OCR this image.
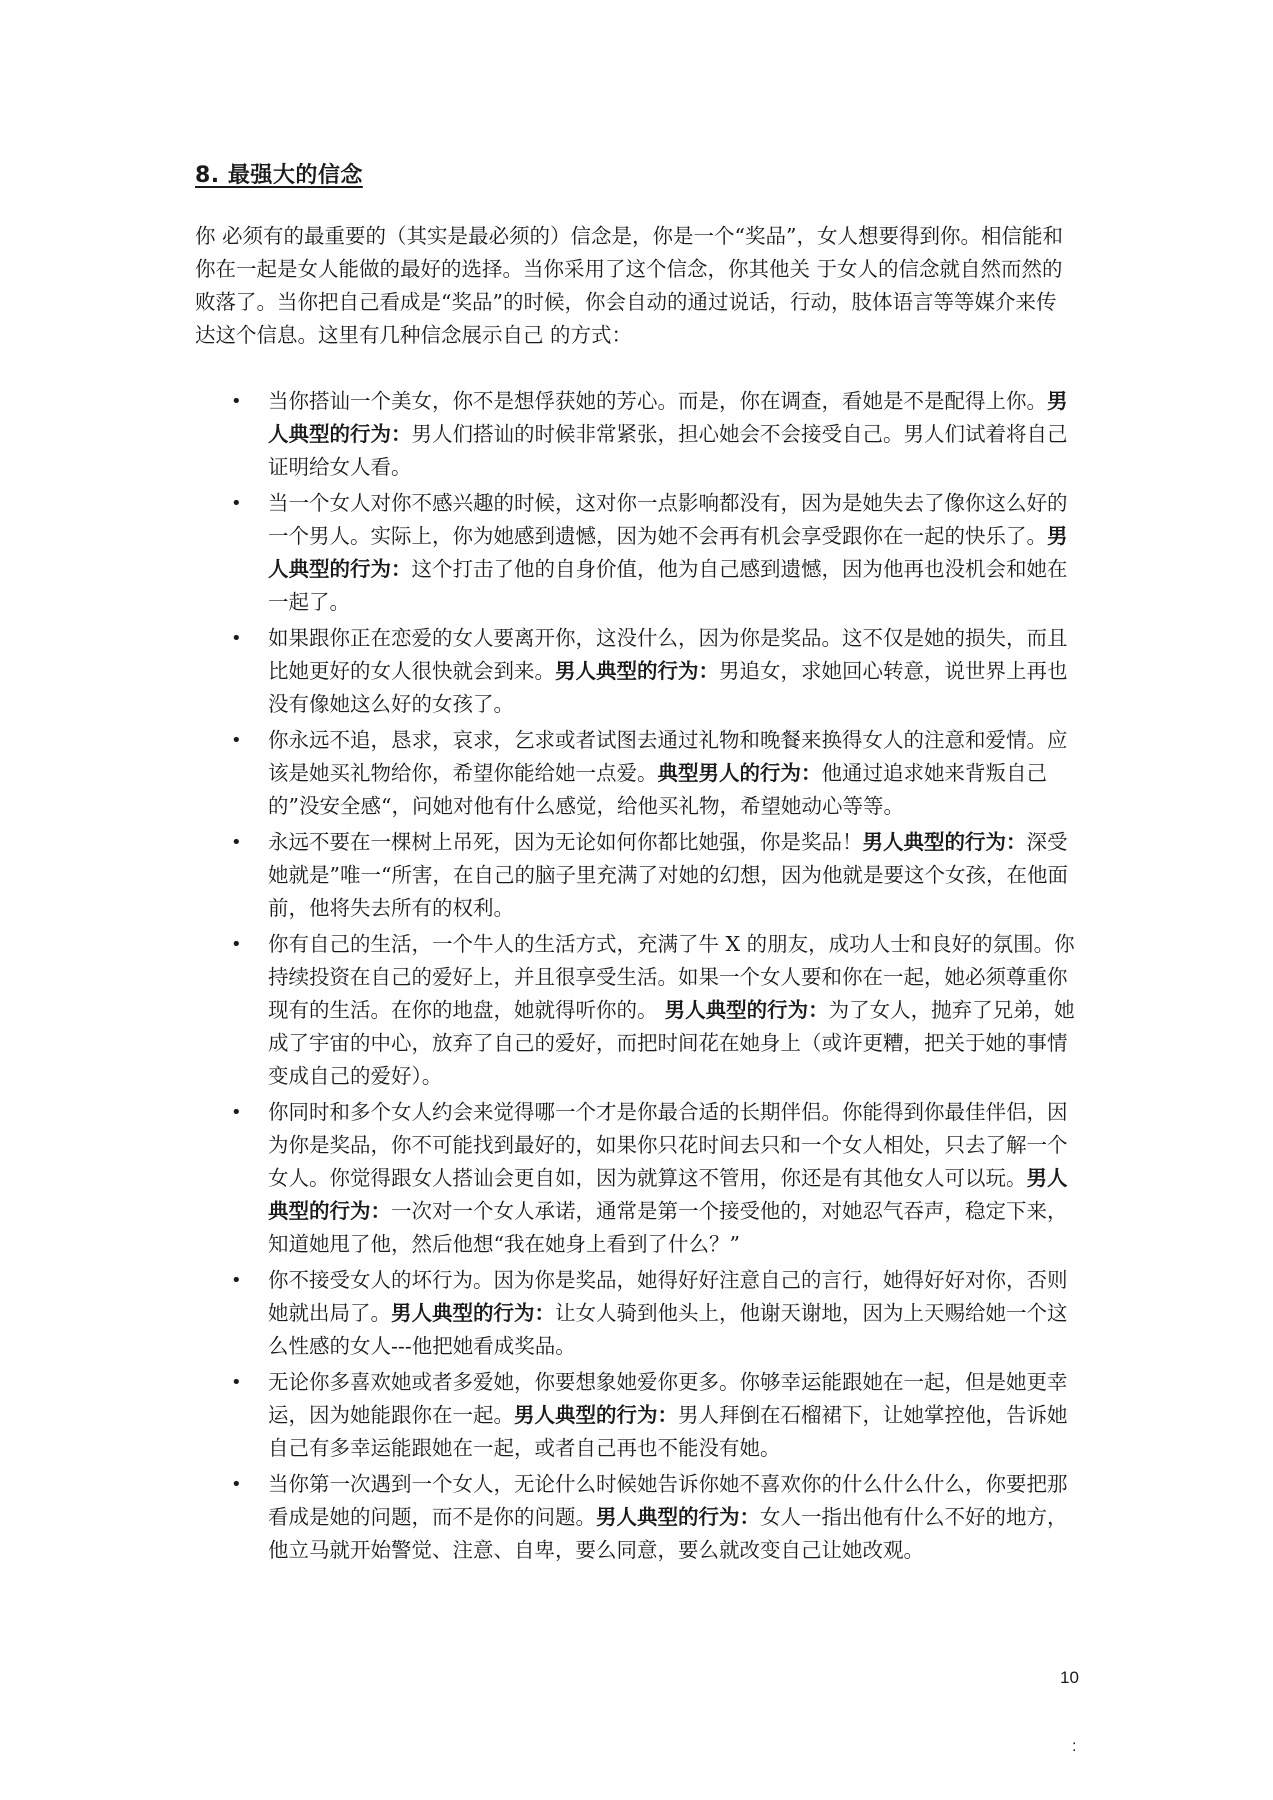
8. 最强大的信念

你 必须有的最重要的（其实是最必须的）信念是，你是一个“奖品”，女人想要得到你。相信能和你在一起是女人能做的最好的选择。当你采用了这个信念，你其他关 于女人的信念就自然而然的败落了。当你把自己看成是“奖品”的时候，你会自动的通过说话，行动，肢体语言等等媒介来传达这个信息。这里有几种信念展示自己 的方式：

• 当你搭讪一个美女，你不是想俘获她的芳心。而是，你在调查，看她是不是配得上你。男人典型的行为：男人们搭讪的时候非常紧张，担心她会不会接受自己。男人们试着将自己证明给女人看。
• 当一个女人对你不感兴趣的时候，这对你一点影响都没有，因为是她失去了像你这么好的一个男人。实际上，你为她感到遗憾，因为她不会再有机会享受跟你在一起的快乐了。男人典型的行为：这个打击了他的自身价值，他为自己感到遗憾，因为他再也没机会和她在一起了。
• 如果跟你正在恋爱的女人要离开你，这没什么，因为你是奖品。这不仅是她的损失，而且比她更好的女人很快就会到来。男人典型的行为：男追女，求她回心转意，说世界上再也没有像她这么好的女孩了。
• 你永远不追，恳求，哀求，乞求或者试图去通过礼物和晚餐来换得女人的注意和爱情。应该是她买礼物给你，希望你能给她一点爱。典型男人的行为：他通过追求她来背叛自己的”没安全感“，问她对他有什么感觉，给他买礼物，希望她动心等等。
• 永远不要在一棵树上吊死，因为无论如何你都比她强，你是奖品！男人典型的行为：深受她就是”唯一“所害，在自己的脑子里充满了对她的幻想，因为他就是要这个女孩，在他面前，他将失去所有的权利。
• 你有自己的生活，一个牛人的生活方式，充满了牛 X 的朋友，成功人士和良好的氛围。你持续投资在自己的爱好上，并且很享受生活。如果一个女人要和你在一起，她必须尊重你现有的生活。在你的地盘，她就得听你的。 男人典型的行为：为了女人，抛弃了兄弟，她成了宇宙的中心，放弃了自己的爱好，而把时间花在她身上（或许更糟，把关于她的事情变成自己的爱好）。
• 你同时和多个女人约会来觉得哪一个才是你最合适的长期伴侣。你能得到你最佳伴侣，因为你是奖品，你不可能找到最好的，如果你只花时间去只和一个女人相处，只去了解一个女人。你觉得跟女人搭讪会更自如，因为就算这不管用，你还是有其他女人可以玩。男人典型的行为：一次对一个女人承诺，通常是第一个接受他的，对她忍气吞声，稳定下来，知道她甩了他，然后他想“我在她身上看到了什么？”
• 你不接受女人的坏行为。因为你是奖品，她得好好注意自己的言行，她得好好对你，否则她就出局了。男人典型的行为：让女人骑到他头上，他谢天谢地，因为上天赐给她一个这么性感的女人---他把她看成奖品。
• 无论你多喜欢她或者多爱她，你要想象她爱你更多。你够幸运能跟她在一起，但是她更幸运，因为她能跟你在一起。男人典型的行为：男人拜倒在石榴裙下，让她掌控他，告诉她自己有多幸运能跟她在一起，或者自己再也不能没有她。
• 当你第一次遇到一个女人，无论什么时候她告诉你她不喜欢你的什么什么什么，你要把那看成是她的问题，而不是你的问题。男人典型的行为：女人一指出他有什么不好的地方，他立马就开始警觉、注意、自卑，要么同意，要么就改变自己让她改观。
10
:
